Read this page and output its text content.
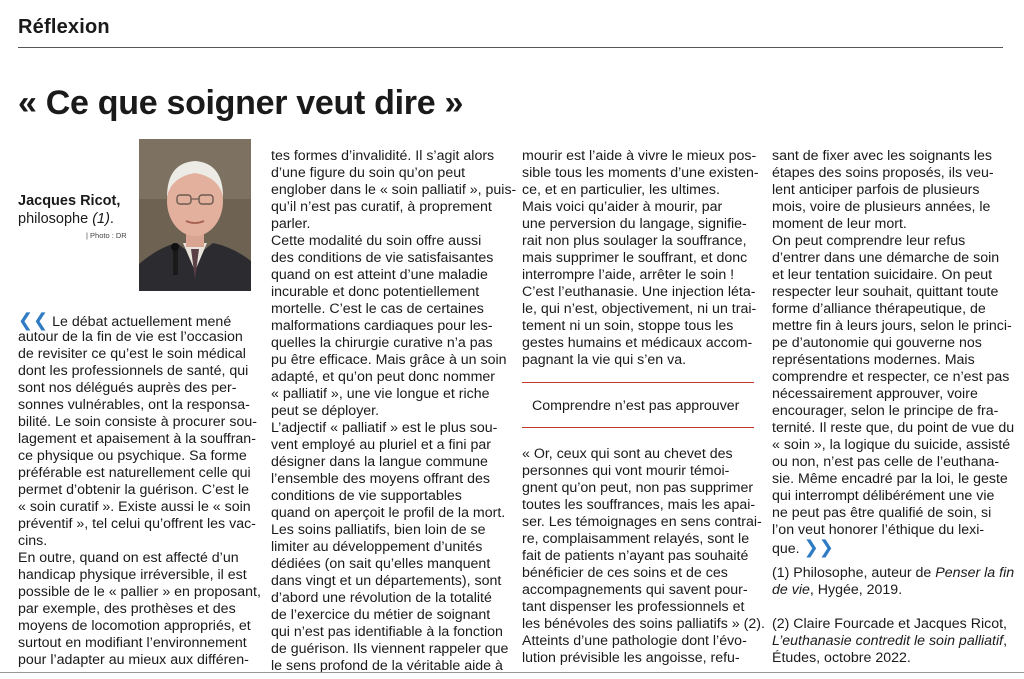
Réflexion
« Ce que soigner veut dire »
Jacques Ricot,
philosophe (1).
| Photo : DR
❮❮ Le débat actuellement mené
autour de la fin de vie est l’occasion
de revisiter ce qu’est le soin médical
dont les professionnels de santé, qui
sont nos délégués auprès des per-
sonnes vulnérables, ont la responsa-
bilité. Le soin consiste à procurer sou-
lagement et apaisement à la souffran-
ce physique ou psychique. Sa forme
préférable est naturellement celle qui
permet d’obtenir la guérison. C’est le
« soin curatif ». Existe aussi le « soin
préventif », tel celui qu’offrent les vac-
cins.
En outre, quand on est affecté d’un
handicap physique irréversible, il est
possible de le « pallier » en proposant,
par exemple, des prothèses et des
moyens de locomotion appropriés, et
surtout en modifiant l’environnement
pour l’adapter au mieux aux différen-
tes formes d’invalidité. Il s’agit alors
d’une figure du soin qu’on peut
englober dans le « soin palliatif », puis-
qu’il n’est pas curatif, à proprement
parler.
Cette modalité du soin offre aussi
des conditions de vie satisfaisantes
quand on est atteint d’une maladie
incurable et donc potentiellement
mortelle. C’est le cas de certaines
malformations cardiaques pour les-
quelles la chirurgie curative n’a pas
pu être efficace. Mais grâce à un soin
adapté, et qu’on peut donc nommer
« palliatif », une vie longue et riche
peut se déployer.
L’adjectif « palliatif » est le plus sou-
vent employé au pluriel et a fini par
désigner dans la langue commune
l’ensemble des moyens offrant des
conditions de vie supportables
quand on aperçoit le profil de la mort.
Les soins palliatifs, bien loin de se
limiter au développement d’unités
dédiées (on sait qu’elles manquent
dans vingt et un départements), sont
d’abord une révolution de la totalité
de l’exercice du métier de soignant
qui n’est pas identifiable à la fonction
de guérison. Ils viennent rappeler que
le sens profond de la véritable aide à
mourir est l’aide à vivre le mieux pos-
sible tous les moments d’une existen-
ce, et en particulier, les ultimes.
Mais voici qu’aider à mourir, par
une perversion du langage, signifie-
rait non plus soulager la souffrance,
mais supprimer le souffrant, et donc
interrompre l’aide, arrêter le soin !
C’est l’euthanasie. Une injection léta-
le, qui n’est, objectivement, ni un trai-
tement ni un soin, stoppe tous les
gestes humains et médicaux accom-
pagnant la vie qui s’en va.
Comprendre n’est pas approuver
« Or, ceux qui sont au chevet des
personnes qui vont mourir témoi-
gnent qu’on peut, non pas supprimer
toutes les souffrances, mais les apai-
ser. Les témoignages en sens contrai-
re, complaisamment relayés, sont le
fait de patients n’ayant pas souhaité
bénéficier de ces soins et de ces
accompagnements qui savent pour-
tant dispenser les professionnels et
les bénévoles des soins palliatifs » (2).
Atteints d’une pathologie dont l’évo-
lution prévisible les angoisse, refu-
sant de fixer avec les soignants les
étapes des soins proposés, ils veu-
lent anticiper parfois de plusieurs
mois, voire de plusieurs années, le
moment de leur mort.
On peut comprendre leur refus
d’entrer dans une démarche de soin
et leur tentation suicidaire. On peut
respecter leur souhait, quittant toute
forme d’alliance thérapeutique, de
mettre fin à leurs jours, selon le princi-
pe d’autonomie qui gouverne nos
représentations modernes. Mais
comprendre et respecter, ce n’est pas
nécessairement approuver, voire
encourager, selon le principe de fra-
ternité. Il reste que, du point de vue du
« soin », la logique du suicide, assisté
ou non, n’est pas celle de l’euthana-
sie. Même encadré par la loi, le geste
qui interrompt délibérément une vie
ne peut pas être qualifié de soin, si
l’on veut honorer l’éthique du lexi-
que. ❯❯
(1) Philosophe, auteur de Penser la fin
de vie, Hygée, 2019.
(2) Claire Fourcade et Jacques Ricot,
L’euthanasie contredit le soin palliatif,
Études, octobre 2022.
